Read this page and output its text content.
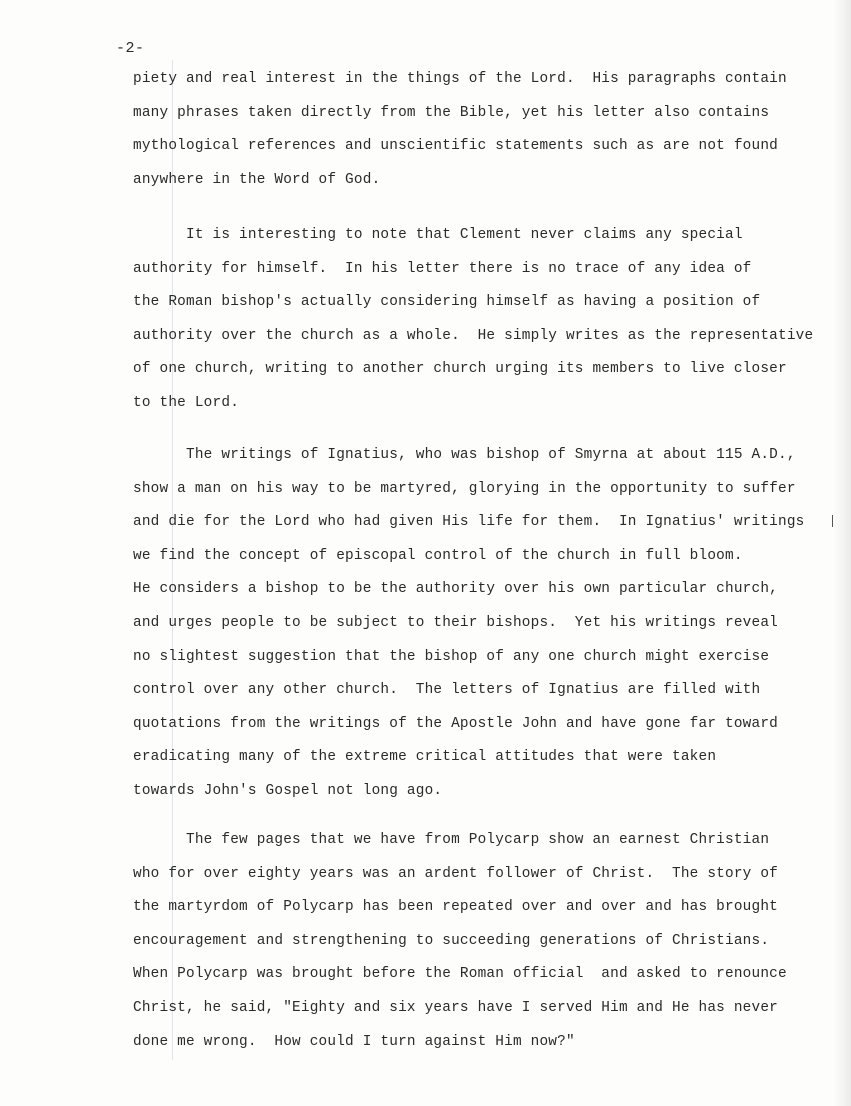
-2-
piety and real interest in the things of the Lord.  His paragraphs contain
many phrases taken directly from the Bible, yet his letter also contains
mythological references and unscientific statements such as are not found
anywhere in the Word of God.
It is interesting to note that Clement never claims any special
authority for himself.  In his letter there is no trace of any idea of
the Roman bishop's actually considering himself as having a position of
authority over the church as a whole.  He simply writes as the representative
of one church, writing to another church urging its members to live closer
to the Lord.
The writings of Ignatius, who was bishop of Smyrna at about 115 A.D.,
show a man on his way to be martyred, glorying in the opportunity to suffer
and die for the Lord who had given His life for them.  In Ignatius' writings
we find the concept of episcopal control of the church in full bloom.
He considers a bishop to be the authority over his own particular church,
and urges people to be subject to their bishops.  Yet his writings reveal
no slightest suggestion that the bishop of any one church might exercise
control over any other church.  The letters of Ignatius are filled with
quotations from the writings of the Apostle John and have gone far toward
eradicating many of the extreme critical attitudes that were taken
towards John's Gospel not long ago.
The few pages that we have from Polycarp show an earnest Christian
who for over eighty years was an ardent follower of Christ.  The story of
the martyrdom of Polycarp has been repeated over and over and has brought
encouragement and strengthening to succeeding generations of Christians.
When Polycarp was brought before the Roman official  and asked to renounce
Christ, he said, "Eighty and six years have I served Him and He has never
done me wrong.  How could I turn against Him now?"
